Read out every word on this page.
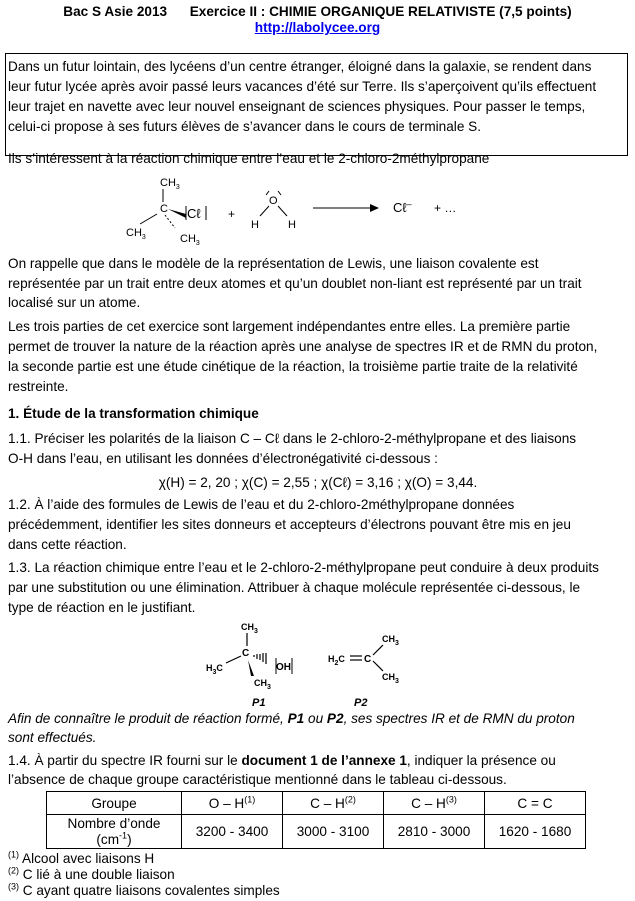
Bac S Asie 2013      Exercice II : CHIMIE ORGANIQUE RELATIVISTE (7,5 points)
http://labolycee.org
Dans un futur lointain, des lycéens d’un centre étranger, éloigné dans la galaxie, se rendent dans
leur futur lycée après avoir passé leurs vacances d’été sur Terre. Ils s’aperçoivent qu’ils effectuent
leur trajet en navette avec leur nouvel enseignant de sciences physiques. Pour passer le temps,
celui-ci propose à ses futurs élèves de s’avancer dans le cours de terminale S.
Ils s’intéressent à la réaction chimique entre l’eau et le 2-chloro-2méthylpropane
$CH_3$
C Cℓ
$CH_3$	$CH_3$
+
O
H	H
Cℓ– + …
On rappelle que dans le modèle de la représentation de Lewis, une liaison covalente est
représentée par un trait entre deux atomes et qu’un doublet non-liant est représenté par un trait
localisé sur un atome.
Les trois parties de cet exercice sont largement indépendantes entre elles. La première partie
permet de trouver la nature de la réaction après une analyse de spectres IR et de RMN du proton,
la seconde partie est une étude cinétique de la réaction, la troisième partie traite de la relativité
restreinte.
1. Étude de la transformation chimique
1.1. Préciser les polarités de la liaison C – Cℓ dans le 2-chloro-2-méthylpropane et des liaisons
O-H dans l’eau, en utilisant les données d’électronégativité ci-dessous :
χ(H) = 2, 20 ; χ(C) = 2,55 ; χ(Cℓ) = 3,16 ; χ(O) = 3,44.
1.2. À l’aide des formules de Lewis de l’eau et du 2-chloro-2méthylpropane données
précédemment, identifier les sites donneurs et accepteurs d’électrons pouvant être mis en jeu
dans cette réaction.
1.3. La réaction chimique entre l’eau et le 2-chloro-2-méthylpropane peut conduire à deux produits
par une substitution ou une élimination. Attribuer à chaque molécule représentée ci-dessous, le
type de réaction en le justifiant.
$CH_3$
C
$H_3C$	OH
$CH_3$
P1
$CH_3$
$H_2C$ C
$CH_3$
P2
Afin de connaître le produit de réaction formé, P1 ou P2, ses spectres IR et de RMN du proton
sont effectués.
1.4. À partir du spectre IR fourni sur le document 1 de l’annexe 1, indiquer la présence ou
l’absence de chaque groupe caractéristique mentionné dans le tableau ci-dessous.
Groupe	O – $H^{(1)}$	C – $H^{(2)}$	C – $H^{(3)}$	C = C
Nombre d’onde
$(cm^{-1})$	3200 - 3400	3000 - 3100	2810 - 3000	1620 - 1680
$^{(1)}$ Alcool avec liaisons H
$^{(2)}$ C lié à une double liaison
$^{(3)}$ C ayant quatre liaisons covalentes simples
